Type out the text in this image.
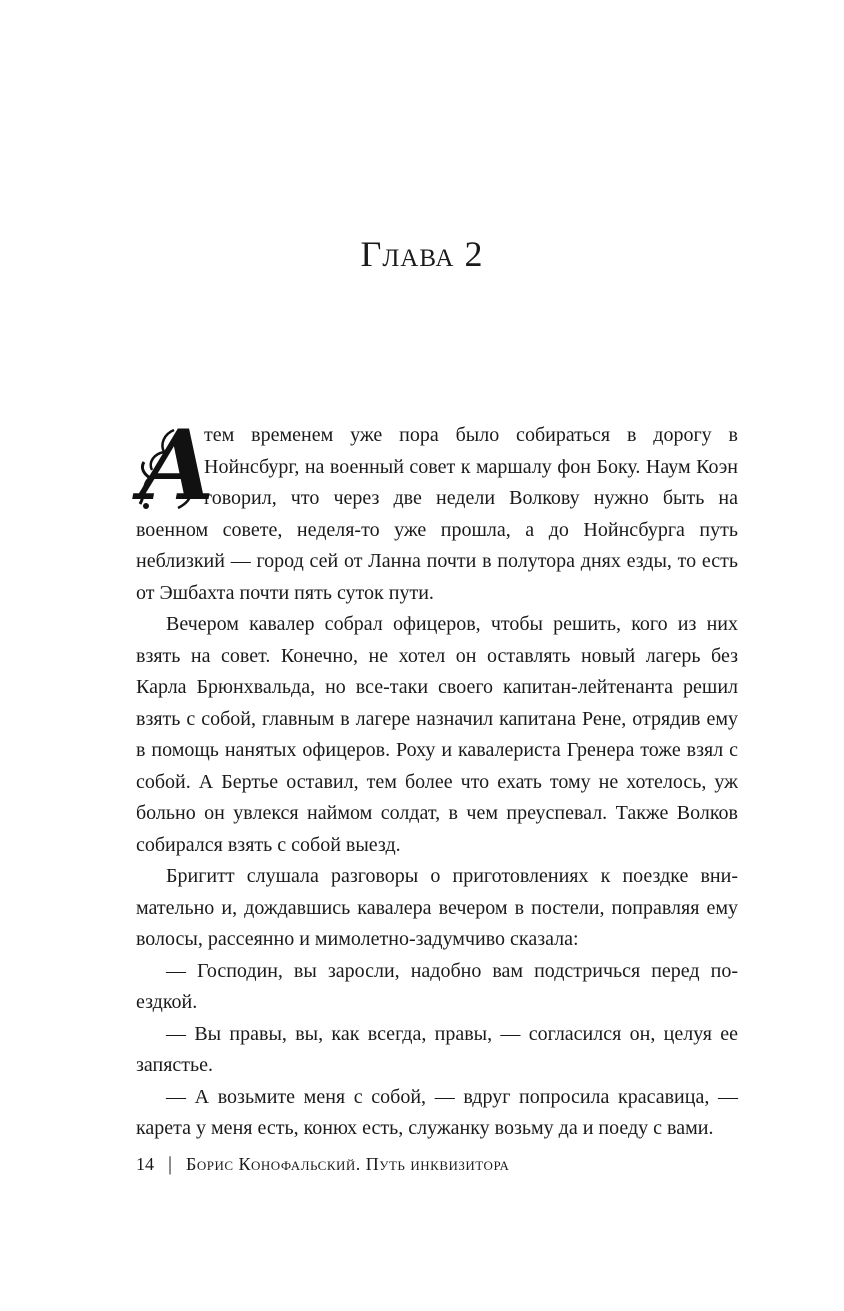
Глава 2

А
тем временем уже пора было собираться в дорогу в Нойнсбург, на военный совет к маршалу фон Боку. Наум Коэн говорил, что через две недели Волкову нужно быть на военном совете, неделя-то уже прошла, а до Нойнсбурга путь неблизкий — город сей от Ланна почти в полутора днях езды, то есть от Эшбахта почти пять суток пути.

Вечером кавалер собрал офицеров, чтобы решить, кого из них взять на совет. Конечно, не хотел он оставлять новый лагерь без Карла Брюнхвальда, но все-таки своего капитан-лейтенанта решил взять с собой, главным в лагере назначил капитана Рене, отрядив ему в помощь нанятых офицеров. Роху и кавалериста Гренера тоже взял с собой. А Бертье оставил, тем более что ехать тому не хотелось, уж больно он увлекся наймом солдат, в чем преуспевал. Также Волков собирался взять с собой выезд.

Бригитт слушала разговоры о приготовлениях к поездке внимательно и, дождавшись кавалера вечером в постели, поправляя ему волосы, рассеянно и мимолетно-задумчиво сказала:

— Господин, вы заросли, надобно вам подстричься перед поездкой.

— Вы правы, вы, как всегда, правы, — согласился он, целуя ее запястье.

— А возьмите меня с собой, — вдруг попросила красавица, — карета у меня есть, конюх есть, служанку возьму да и поеду с вами.

14 | Борис Конофальский. Путь инквизитора
